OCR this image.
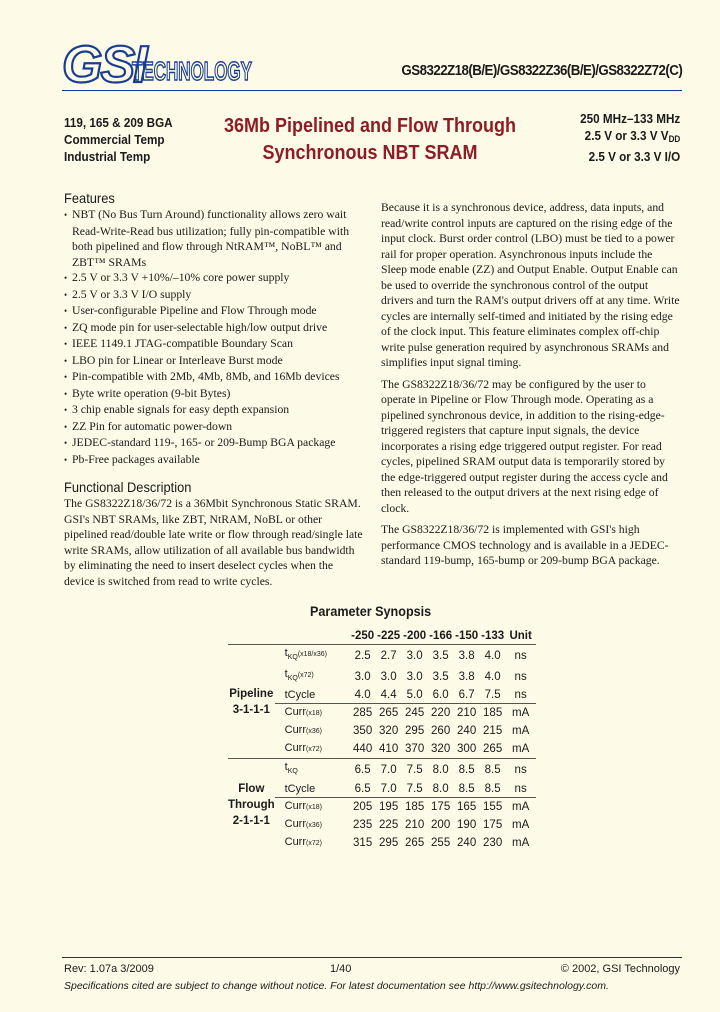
GSI
TECHNOLOGY	GS8322Z18(B/E)/GS8322Z36(B/E)/GS8322Z72(C)
119, 165 & 209 BGA
Commercial Temp
Industrial Temp
36Mb Pipelined and Flow Through
Synchronous NBT SRAM
250 MHz–133 MHz
2.5 V or 3.3 V $V_{DD}$
2.5 V or 3.3 V I/O
Features
• NBT (No Bus Turn Around) functionality allows zero wait Read-Write-Read bus utilization; fully pin-compatible with both pipelined and flow through NtRAM™, NoBL™ and ZBT™ SRAMs
• 2.5 V or 3.3 V +10%/–10% core power supply
• 2.5 V or 3.3 V I/O supply
• User-configurable Pipeline and Flow Through mode
• ZQ mode pin for user-selectable high/low output drive
• IEEE 1149.1 JTAG-compatible Boundary Scan
• LBO pin for Linear or Interleave Burst mode
• Pin-compatible with 2Mb, 4Mb, 8Mb, and 16Mb devices
• Byte write operation (9-bit Bytes)
• 3 chip enable signals for easy depth expansion
• ZZ Pin for automatic power-down
• JEDEC-standard 119-, 165- or 209-Bump BGA package
• Pb-Free packages available
Functional Description

The GS8322Z18/36/72 is a 36Mbit Synchronous Static SRAM. GSI's NBT SRAMs, like ZBT, NtRAM, NoBL or other pipelined read/double late write or flow through read/single late write SRAMs, allow utilization of all available bus bandwidth by eliminating the need to insert deselect cycles when the device is switched from read to write cycles.

Because it is a synchronous device, address, data inputs, and read/write control inputs are captured on the rising edge of the input clock. Burst order control (LBO) must be tied to a power rail for proper operation. Asynchronous inputs include the Sleep mode enable (ZZ) and Output Enable. Output Enable can be used to override the synchronous control of the output drivers and turn the RAM's output drivers off at any time. Write cycles are internally self-timed and initiated by the rising edge of the clock input. This feature eliminates complex off-chip write pulse generation required by asynchronous SRAMs and simplifies input signal timing.

The GS8322Z18/36/72 may be configured by the user to operate in Pipeline or Flow Through mode. Operating as a pipelined synchronous device, in addition to the rising-edge-triggered registers that capture input signals, the device incorporates a rising edge triggered output register. For read cycles, pipelined SRAM output data is temporarily stored by the edge-triggered output register during the access cycle and then released to the output drivers at the next rising edge of clock.

The GS8322Z18/36/72 is implemented with GSI's high performance CMOS technology and is available in a JEDEC-standard 119-bump, 165-bump or 209-bump BGA package.

Parameter Synopsis
		-250	-225	-200	-166	-150	-133	Unit

Pipeline
3-1-1-1	$t_{KQ}(x18/x36)$	2.5	2.7	3.0	3.5	3.8	4.0	ns
	$t_{KQ}(x72)$	3.0	3.0	3.0	3.5	3.8	4.0	ns
	tCycle	4.0	4.4	5.0	6.0	6.7	7.5	ns
	Curr(x18)	285	265	245	220	210	185	mA
	Curr(x36)	350	320	295	260	240	215	mA
	Curr(x72)	440	410	370	320	300	265	mA

Flow
Through
2-1-1-1	$t_{KQ}$	6.5	7.0	7.5	8.0	8.5	8.5	ns
	tCycle	6.5	7.0	7.5	8.0	8.5	8.5	ns
	Curr(x18)	205	195	185	175	165	155	mA
	Curr(x36)	235	225	210	200	190	175	mA
	Curr(x72)	315	295	265	255	240	230	mA
Rev: 1.07a 3/2009	1/40	© 2002, GSI Technology
Specifications cited are subject to change without notice. For latest documentation see http://www.gsitechnology.com.
